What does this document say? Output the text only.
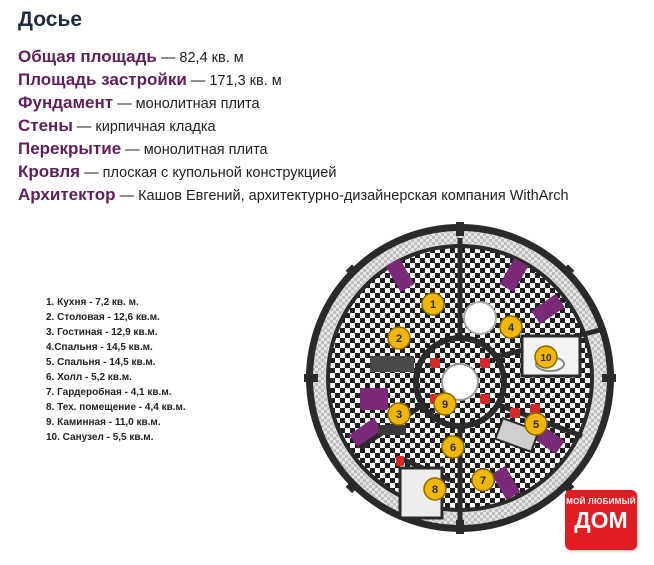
Досье
Общая площадь — 82,4 кв. м
Площадь застройки — 171,3 кв. м
Фундамент — монолитная плита
Стены — кирпичная кладка
Перекрытие — монолитная плита
Кровля — плоская с купольной конструкцией
Архитектор — Кашов Евгений, архитектурно-дизайнерская компания WithArch
1. Кухня - 7,2 кв. м.
2. Столовая - 12,6 кв.м.
3. Гостиная - 12,9 кв.м.
4.Спальня - 14,5 кв.м.
5. Спальня - 14,5 кв.м.
6. Холл - 5,2 кв.м.
7. Гардеробная - 4,1 кв.м.
8. Тех. помещение - 4,4 кв.м.
9. Каминная - 11,0 кв.м.
10. Санузел - 5,5 кв.м.
1
2
3
4
5
6
7
8
9
10
МОЙ ЛЮБИМЫЙ
ДОМ
